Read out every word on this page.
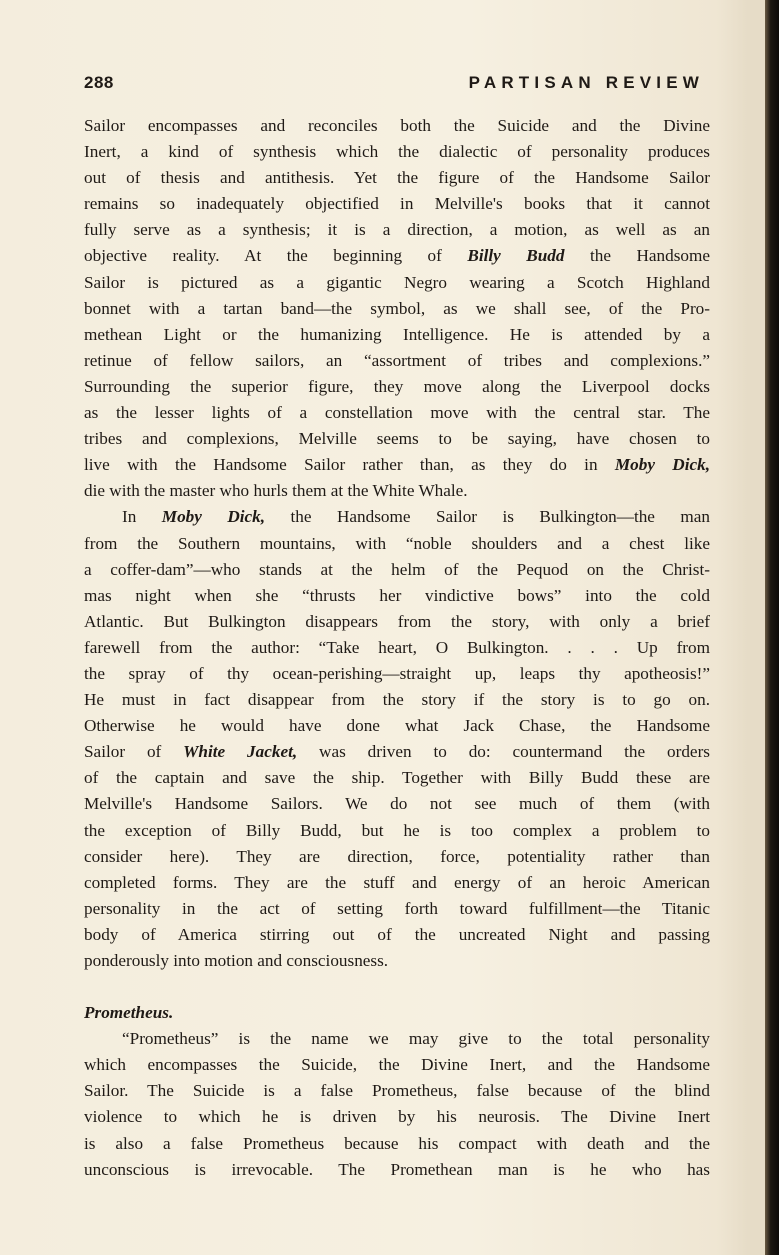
288	PARTISAN REVIEW
Sailor encompasses and reconciles both the Suicide and the Divine
Inert, a kind of synthesis which the dialectic of personality produces
out of thesis and antithesis. Yet the figure of the Handsome Sailor
remains so inadequately objectified in Melville's books that it cannot
fully serve as a synthesis; it is a direction, a motion, as well as an
objective reality. At the beginning of Billy Budd the Handsome
Sailor is pictured as a gigantic Negro wearing a Scotch Highland
bonnet with a tartan band—the symbol, as we shall see, of the Pro-
methean Light or the humanizing Intelligence. He is attended by a
retinue of fellow sailors, an “assortment of tribes and complexions.”
Surrounding the superior figure, they move along the Liverpool docks
as the lesser lights of a constellation move with the central star. The
tribes and complexions, Melville seems to be saying, have chosen to
live with the Handsome Sailor rather than, as they do in Moby Dick,
die with the master who hurls them at the White Whale.
In Moby Dick, the Handsome Sailor is Bulkington—the man
from the Southern mountains, with “noble shoulders and a chest like
a coffer-dam”—who stands at the helm of the Pequod on the Christ-
mas night when she “thrusts her vindictive bows” into the cold
Atlantic. But Bulkington disappears from the story, with only a brief
farewell from the author: “Take heart, O Bulkington. . . . Up from
the spray of thy ocean-perishing—straight up, leaps thy apotheosis!”
He must in fact disappear from the story if the story is to go on.
Otherwise he would have done what Jack Chase, the Handsome
Sailor of White Jacket, was driven to do: countermand the orders
of the captain and save the ship. Together with Billy Budd these are
Melville's Handsome Sailors. We do not see much of them (with
the exception of Billy Budd, but he is too complex a problem to
consider here). They are direction, force, potentiality rather than
completed forms. They are the stuff and energy of an heroic American
personality in the act of setting forth toward fulfillment—the Titanic
body of America stirring out of the uncreated Night and passing
ponderously into motion and consciousness.
Prometheus.
“Prometheus” is the name we may give to the total personality
which encompasses the Suicide, the Divine Inert, and the Handsome
Sailor. The Suicide is a false Prometheus, false because of the blind
violence to which he is driven by his neurosis. The Divine Inert
is also a false Prometheus because his compact with death and the
unconscious is irrevocable. The Promethean man is he who has
